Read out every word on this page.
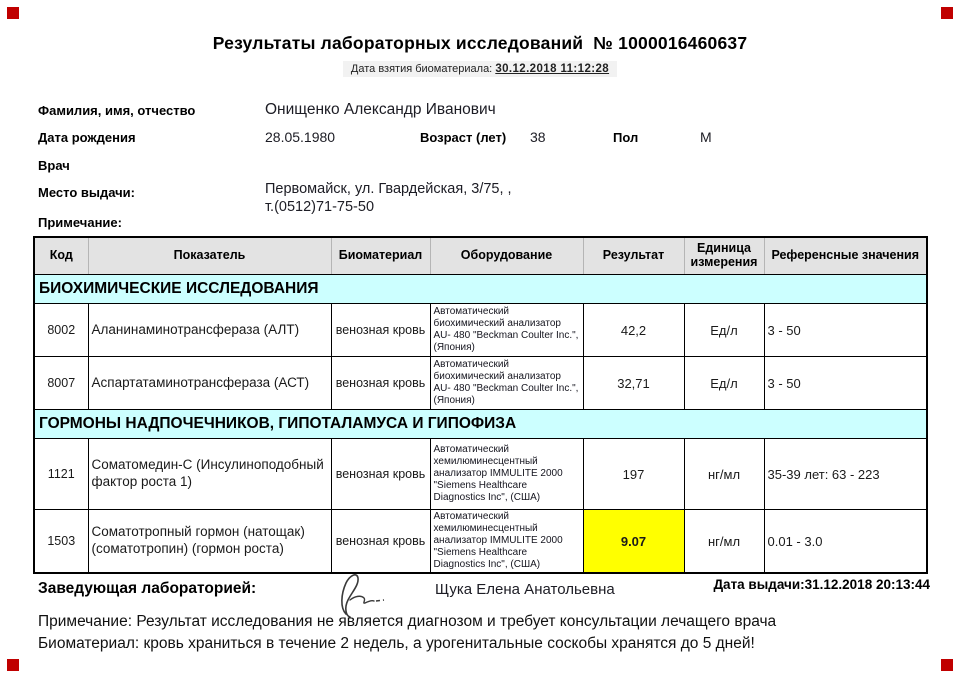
Результаты лабораторных исследований  № 1000016460637
Дата взятия биоматериала: 30.12.2018 11:12:28
Фамилия, имя, отчество	Онищенко Александр Иванович
Дата рождения	28.05.1980	Возраст (лет) 38	Пол	М
Врач
Место выдачи:	Первомайск, ул. Гвардейская, 3/75, ,
т.(0512)71-75-50
Примечание:
Код	Показатель	Биоматериал	Оборудование	Результат	Единица измерения	Референсные значения
БИОХИМИЧЕСКИЕ ИССЛЕДОВАНИЯ						
8002	Аланинаминотрансфераза (АЛТ)	венозная кровь	Автоматический биохимический анализатор AU- 480 "Beckman Coulter Inc.", (Япония)	42,2	Ед/л	3 - 50
8007	Аспартатаминотрансфераза (АСТ)	венозная кровь	Автоматический биохимический анализатор AU- 480 "Beckman Coulter Inc.", (Япония)	32,71	Ед/л	3 - 50
ГОРМОНЫ НАДПОЧЕЧНИКОВ, ГИПОТАЛАМУСА И ГИПОФИЗА						
1121	Соматомедин-С (Инсулиноподобный фактор роста 1)	венозная кровь	Автоматический хемилюминесцентный анализатор IMMULITE 2000 "Siemens Healthcare Diagnostics Inc", (США)	197	нг/мл	35-39 лет: 63 - 223
1503	Соматотропный гормон (натощак) (соматотропин) (гормон роста)	венозная кровь	Автоматический хемилюминесцентный анализатор IMMULITE 2000 "Siemens Healthcare Diagnostics Inc", (США)	9.07	нг/мл	0.01 - 3.0
Заведующая лабораторией:	Щука Елена Анатольевна	Дата выдачи:31.12.2018 20:13:44
Примечание: Результат исследования не является диагнозом и требует консультации лечащего врача
Биоматериал: кровь храниться в течение 2 недель, а урогенитальные соскобы хранятся до 5 дней!
